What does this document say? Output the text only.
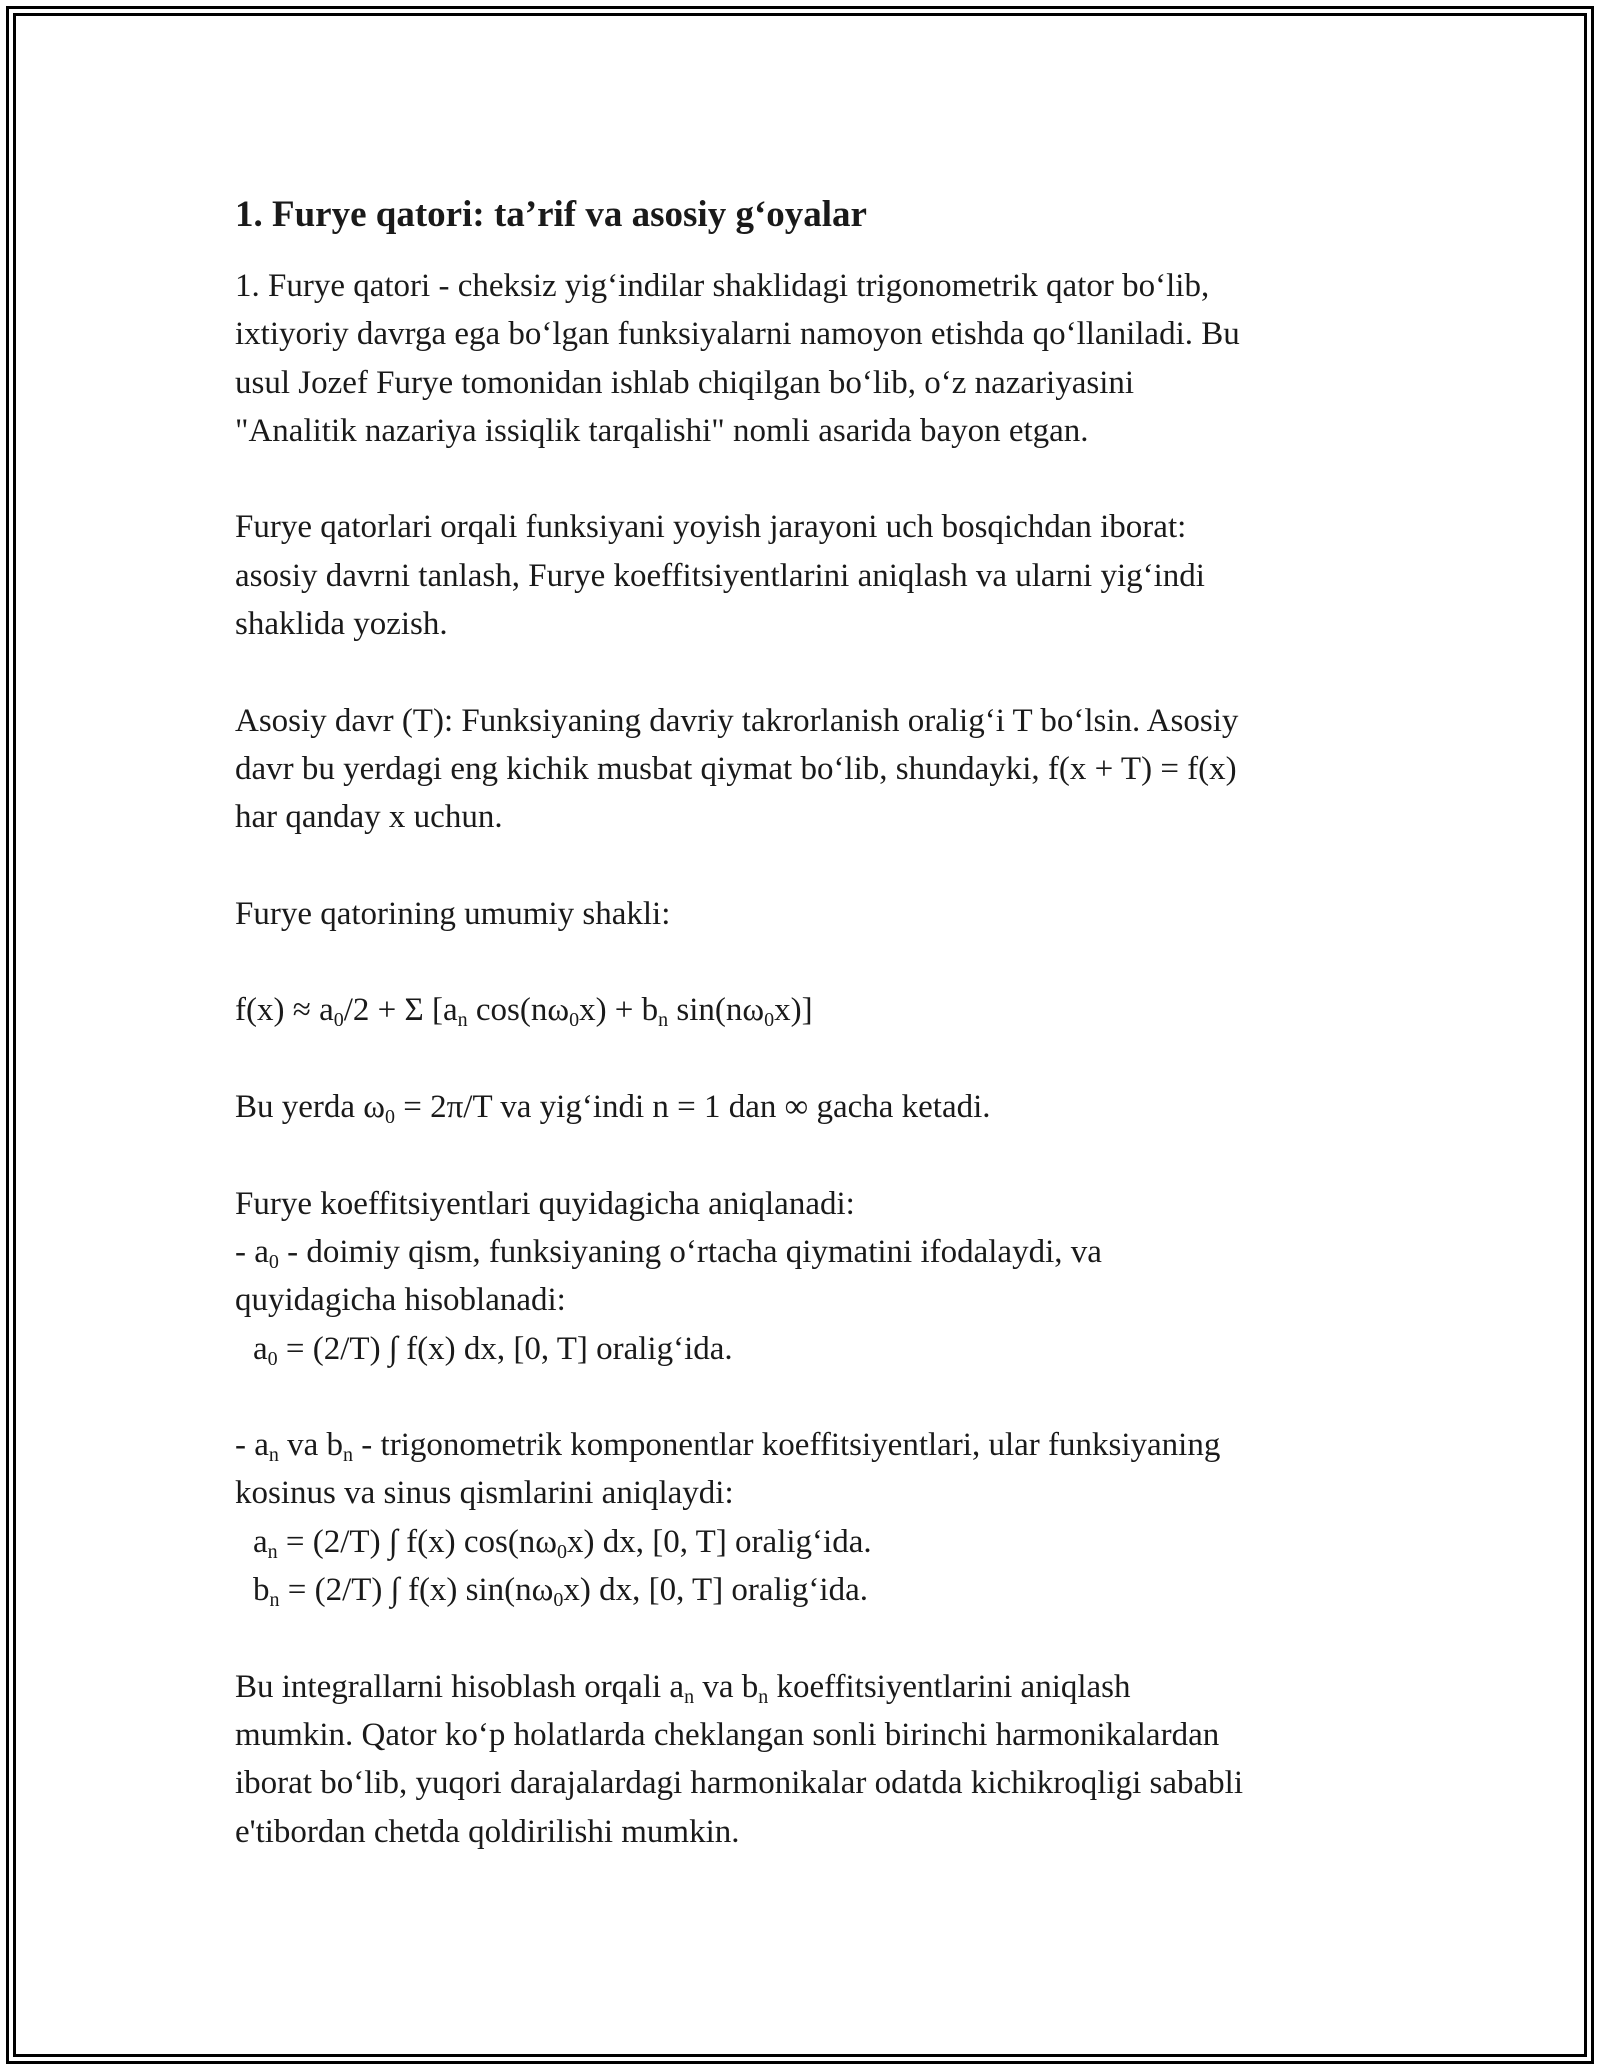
1. Furye qatori: ta’rif va asosiy g‘oyalar
1. Furye qatori - cheksiz yig‘indilar shaklidagi trigonometrik qator bo‘lib,
ixtiyoriy davrga ega bo‘lgan funksiyalarni namoyon etishda qo‘llaniladi. Bu
usul Jozef Furye tomonidan ishlab chiqilgan bo‘lib, o‘z nazariyasini
"Analitik nazariya issiqlik tarqalishi" nomli asarida bayon etgan.
Furye qatorlari orqali funksiyani yoyish jarayoni uch bosqichdan iborat:
asosiy davrni tanlash, Furye koeffitsiyentlarini aniqlash va ularni yig‘indi
shaklida yozish.
Asosiy davr (T): Funksiyaning davriy takrorlanish oralig‘i T bo‘lsin. Asosiy
davr bu yerdagi eng kichik musbat qiymat bo‘lib, shundayki, f(x + T) = f(x)
har qanday x uchun.
Furye qatorining umumiy shakli:
$f(x) \approx a_0/2 + \Sigma$ [$a_n$ $\cos(n\omega_0x) + b_n$ $\sin(n\omega_0x)$]
Bu yerda $\omega_0 = 2\pi/T$ va yig‘indi n = 1 dan ∞ gacha ketadi.
Furye koeffitsiyentlari quyidagicha aniqlanadi:
- $a_0$ - doimiy qism, funksiyaning o‘rtacha qiymatini ifodalaydi, va
quyidagicha hisoblanadi:
$a_0 = (2/T)$ ∫ f(x) dx, [0, T] oralig‘ida.
- $a_n$ va $b_n$ - trigonometrik komponentlar koeffitsiyentlari, ular funksiyaning
kosinus va sinus qismlarini aniqlaydi:
$a_n = (2/T)$ ∫ f(x) $\cos(n\omega_0x)$ dx, [0, T] oralig‘ida.
$b_n = (2/T)$ ∫ f(x) $\sin(n\omega_0x)$ dx, [0, T] oralig‘ida.
Bu integrallarni hisoblash orqali $a_n$ va $b_n$ koeffitsiyentlarini aniqlash
mumkin. Qator ko‘p holatlarda cheklangan sonli birinchi harmonikalardan
iborat bo‘lib, yuqori darajalardagi harmonikalar odatda kichikroqligi sababli
e'tibordan chetda qoldirilishi mumkin.
